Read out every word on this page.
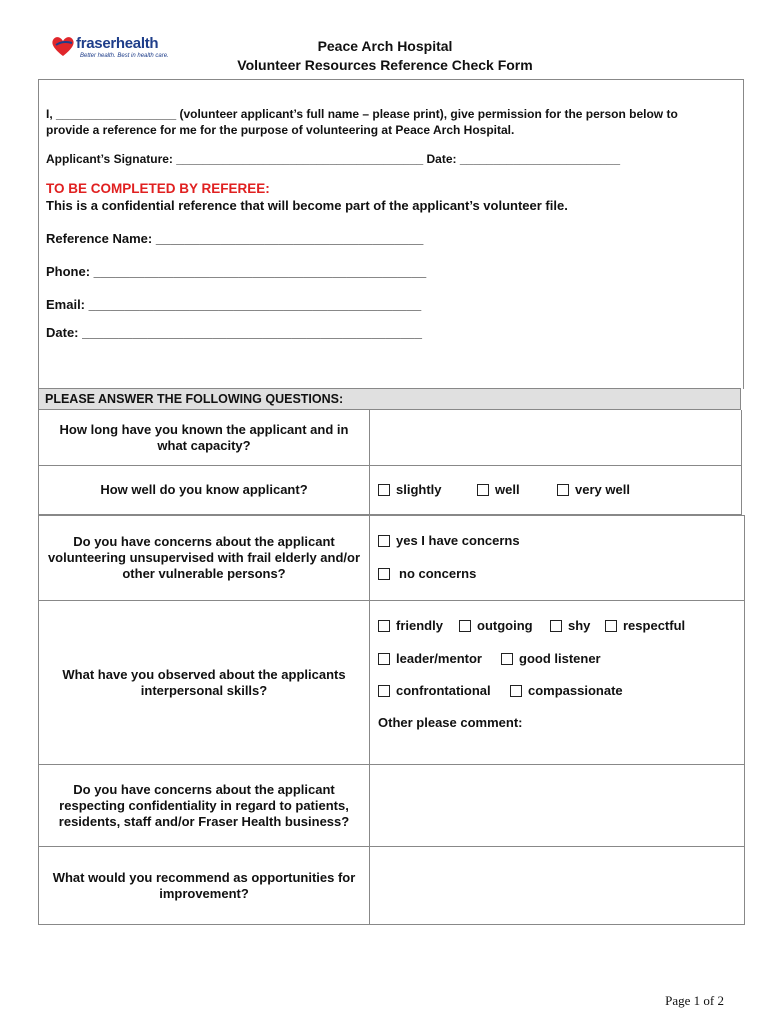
fraserhealth
Better health. Best in health care.
Peace Arch Hospital
Volunteer Resources Reference Check Form
I, __________________ (volunteer applicant’s full name – please print), give permission for the person below to
provide a reference for me for the purpose of volunteering at Peace Arch Hospital.
Applicant’s Signature: _____________________________________ Date: ________________________
TO BE COMPLETED BY REFEREE:
This is a confidential reference that will become part of the applicant’s volunteer file.
Reference Name: _____________________________________
Phone: ______________________________________________
Email: ______________________________________________
Date: _______________________________________________
PLEASE ANSWER THE FOLLOWING QUESTIONS:
How long have you known the applicant and in what capacity?
How well do you know applicant?	slightly	well	very well
Do you have concerns about the applicant volunteering unsupervised with frail elderly and/or other vulnerable persons?
yes I have concerns
no concerns
What have you observed about the applicants interpersonal skills?
friendly	outgoing	shy	respectful
leader/mentor	good listener
confrontational	compassionate
Other please comment:
Do you have concerns about the applicant respecting confidentiality in regard to patients, residents, staff and/or Fraser Health business?
What would you recommend as opportunities for improvement?
Page 1 of 2
